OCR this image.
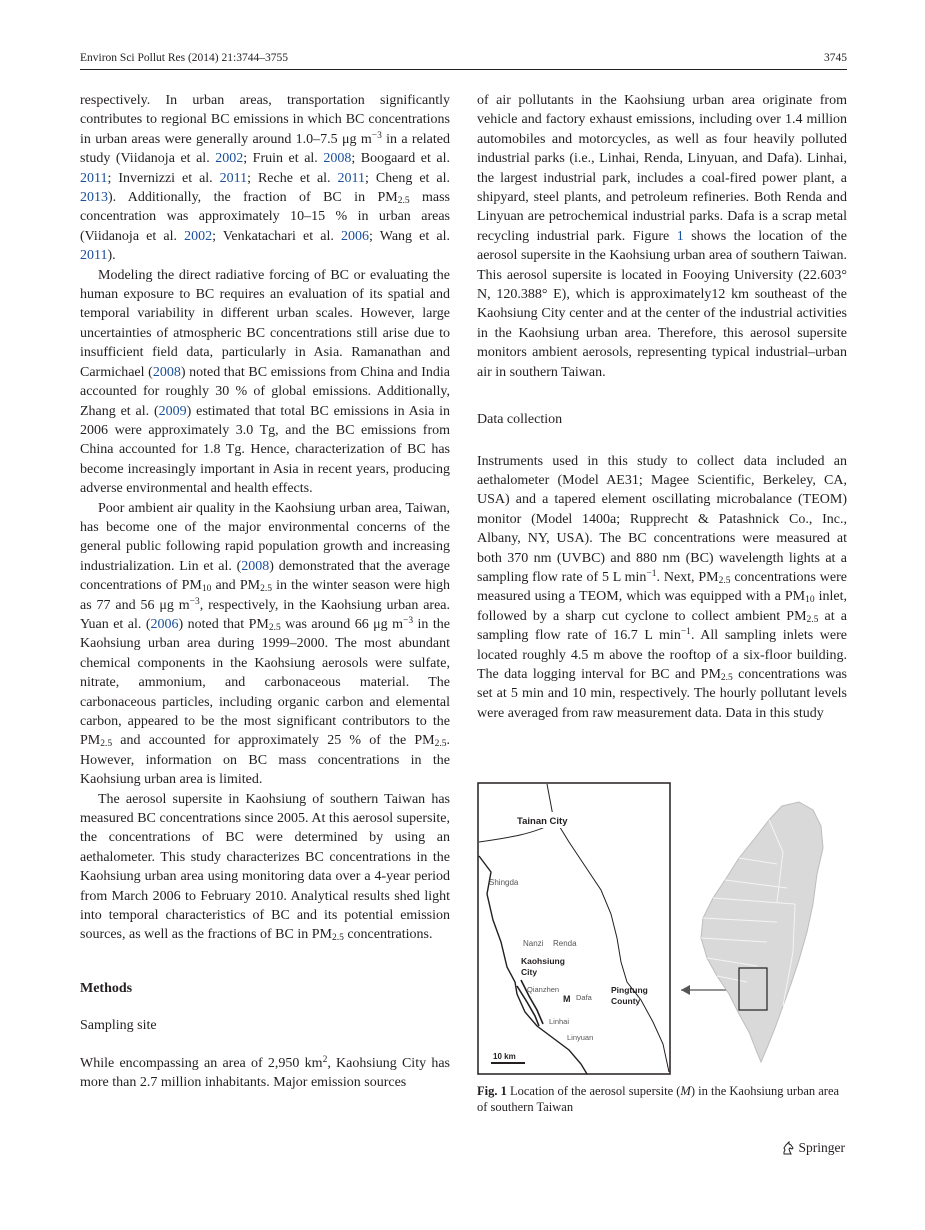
Environ Sci Pollut Res (2014) 21:3744–3755	3745

respectively. In urban areas, transportation significantly contributes to regional BC emissions in which BC concentrations in urban areas were generally around 1.0–7.5 μg $m^{-3}$ in a related study (Viidanoja et al. 2002; Fruin et al. 2008; Boogaard et al. 2011; Invernizzi et al. 2011; Reche et al. 2011; Cheng et al. 2013). Additionally, the fraction of BC in $PM_{2.5}$ mass concentration was approximately 10–15 % in urban areas (Viidanoja et al. 2002; Venkatachari et al. 2006; Wang et al. 2011).

Modeling the direct radiative forcing of BC or evaluating the human exposure to BC requires an evaluation of its spatial and temporal variability in different urban scales. However, large uncertainties of atmospheric BC concentrations still arise due to insufficient field data, particularly in Asia. Ramanathan and Carmichael (2008) noted that BC emissions from China and India accounted for roughly 30 % of global emissions. Additionally, Zhang et al. (2009) estimated that total BC emissions in Asia in 2006 were approximately 3.0 Tg, and the BC emissions from China accounted for 1.8 Tg. Hence, characterization of BC has become increasingly important in Asia in recent years, producing adverse environmental and health effects.

Poor ambient air quality in the Kaohsiung urban area, Taiwan, has become one of the major environmental concerns of the general public following rapid population growth and increasing industrialization. Lin et al. (2008) demonstrated that the average concentrations of $PM_{10}$ and $PM_{2.5}$ in the winter season were high as 77 and 56 μg $m^{-3}$, respectively, in the Kaohsiung urban area. Yuan et al. (2006) noted that $PM_{2.5}$ was around 66 μg $m^{-3}$ in the Kaohsiung urban area during 1999–2000. The most abundant chemical components in the Kaohsiung aerosols were sulfate, nitrate, ammonium, and carbonaceous material. The carbonaceous particles, including organic carbon and elemental carbon, appeared to be the most significant contributors to the $PM_{2.5}$ and accounted for approximately 25 % of the $PM_{2.5}$. However, information on BC mass concentrations in the Kaohsiung urban area is limited.

The aerosol supersite in Kaohsiung of southern Taiwan has measured BC concentrations since 2005. At this aerosol supersite, the concentrations of BC were determined by using an aethalometer. This study characterizes BC concentrations in the Kaohsiung urban area using monitoring data over a 4-year period from March 2006 to February 2010. Analytical results shed light into temporal characteristics of BC and its potential emission sources, as well as the fractions of BC in $PM_{2.5}$ concentrations.

Methods

Sampling site

While encompassing an area of 2,950 $km^2$, Kaohsiung City has more than 2.7 million inhabitants. Major emission sources

of air pollutants in the Kaohsiung urban area originate from vehicle and factory exhaust emissions, including over 1.4 million automobiles and motorcycles, as well as four heavily polluted industrial parks (i.e., Linhai, Renda, Linyuan, and Dafa). Linhai, the largest industrial park, includes a coal-fired power plant, a shipyard, steel plants, and petroleum refineries. Both Renda and Linyuan are petrochemical industrial parks. Dafa is a scrap metal recycling industrial park. Figure 1 shows the location of the aerosol supersite in the Kaohsiung urban area of southern Taiwan. This aerosol supersite is located in Fooying University (22.603° N, 120.388° E), which is approximately12 km southeast of the Kaohsiung City center and at the center of the industrial activities in the Kaohsiung urban area. Therefore, this aerosol supersite monitors ambient aerosols, representing typical industrial–urban air in southern Taiwan.

Data collection

Instruments used in this study to collect data included an aethalometer (Model AE31; Magee Scientific, Berkeley, CA, USA) and a tapered element oscillating microbalance (TEOM) monitor (Model 1400a; Rupprecht & Patashnick Co., Inc., Albany, NY, USA). The BC concentrations were measured at both 370 nm (UVBC) and 880 nm (BC) wavelength lights at a sampling flow rate of 5 L $\min^{-1}$. Next, $PM_{2.5}$ concentrations were measured using a TEOM, which was equipped with a $PM_{10}$ inlet, followed by a sharp cut cyclone to collect ambient $PM_{2.5}$ at a sampling flow rate of 16.7 L $\min^{-1}$. All sampling inlets were located roughly 4.5 m above the rooftop of a six-floor building. The data logging interval for BC and $PM_{2.5}$ concentrations was set at 5 min and 10 min, respectively. The hourly pollutant levels were averaged from raw measurement data. Data in this study

Tainan City
Shingda
Nanzi Renda
Kaohsiung
City
Qianzhen
M Dafa
Pingtung
County
Linhai
Linyuan
10 km
Fig. 1 Location of the aerosol supersite (M) in the Kaohsiung urban area of southern Taiwan
Springer
